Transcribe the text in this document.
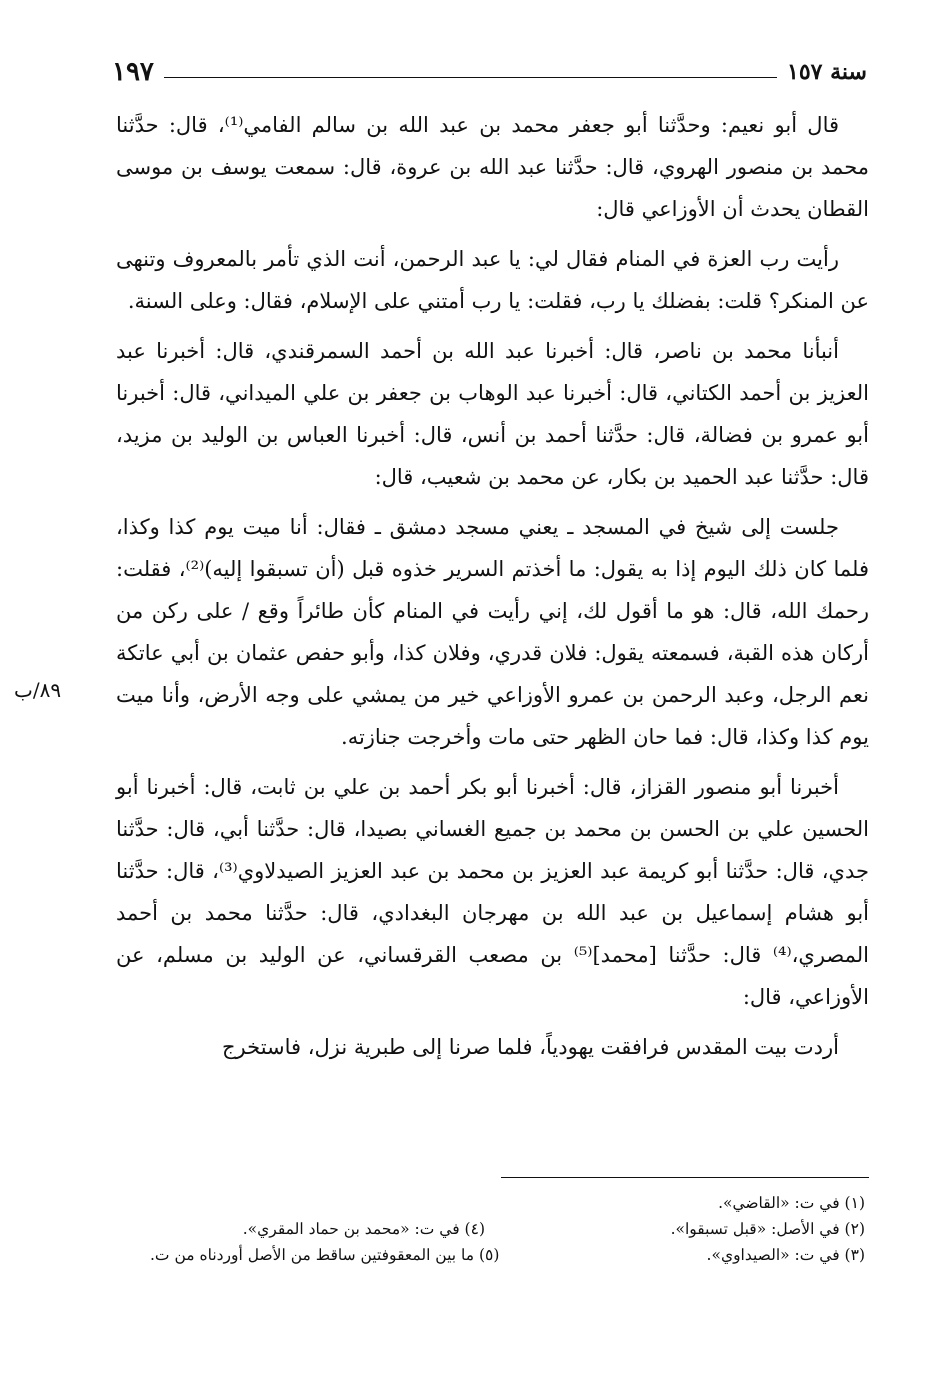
سنة ١٥٧
١٩٧

قال أبو نعيم: وحدَّثنا أبو جعفر محمد بن عبد الله بن سالم الفامي⁽¹⁾، قال: حدَّثنا محمد بن منصور الهروي، قال: حدَّثنا عبد الله بن عروة، قال: سمعت يوسف بن موسى القطان يحدث أن الأوزاعي قال:

رأيت رب العزة في المنام فقال لي: يا عبد الرحمن، أنت الذي تأمر بالمعروف وتنهى عن المنكر؟ قلت: بفضلك يا رب، فقلت: يا رب أمتني على الإسلام، فقال: وعلى السنة.

أنبأنا محمد بن ناصر، قال: أخبرنا عبد الله بن أحمد السمرقندي، قال: أخبرنا عبد العزيز بن أحمد الكتاني، قال: أخبرنا عبد الوهاب بن جعفر بن علي الميداني، قال: أخبرنا أبو عمرو بن فضالة، قال: حدَّثنا أحمد بن أنس، قال: أخبرنا العباس بن الوليد بن مزيد، قال: حدَّثنا عبد الحميد بن بكار، عن محمد بن شعيب، قال:

جلست إلى شيخ في المسجد ـ يعني مسجد دمشق ـ فقال: أنا ميت يوم كذا وكذا، فلما كان ذلك اليوم إذا به يقول: ما أخذتم السرير خذوه قبل (أن تسبقوا إليه)⁽²⁾، فقلت: رحمك الله، قال: هو ما أقول لك، إني رأيت في المنام كأن طائراً وقع / على ركن من أركان هذه القبة، فسمعته يقول: فلان قدري، وفلان كذا، وأبو حفص عثمان بن أبي عاتكة نعم الرجل، وعبد الرحمن بن عمرو الأوزاعي خير من يمشي على وجه الأرض، وأنا ميت يوم كذا وكذا، قال: فما حان الظهر حتى مات وأخرجت جنازته.

أخبرنا أبو منصور القزاز، قال: أخبرنا أبو بكر أحمد بن علي بن ثابت، قال: أخبرنا أبو الحسين علي بن الحسن بن محمد بن جميع الغساني بصيدا، قال: حدَّثنا أبي، قال: حدَّثنا جدي، قال: حدَّثنا أبو كريمة عبد العزيز بن محمد بن عبد العزيز الصيدلاوي⁽³⁾، قال: حدَّثنا أبو هشام إسماعيل بن عبد الله بن مهرجان البغدادي، قال: حدَّثنا محمد بن أحمد المصري،⁽⁴⁾ قال: حدَّثنا [محمد]⁽⁵⁾ بن مصعب القرقساني، عن الوليد بن مسلم، عن الأوزاعي، قال:

أردت بيت المقدس فرافقت يهودياً، فلما صرنا إلى طبرية نزل، فاستخرج

٨٩/ب
(١) في ت: «القاضي».
(٢) في الأصل: «قبل تسبقوا».
(٤) في ت: «محمد بن حماد المقري».
(٣) في ت: «الصيداوي».
(٥) ما بين المعقوفتين ساقط من الأصل أوردناه من ت.
